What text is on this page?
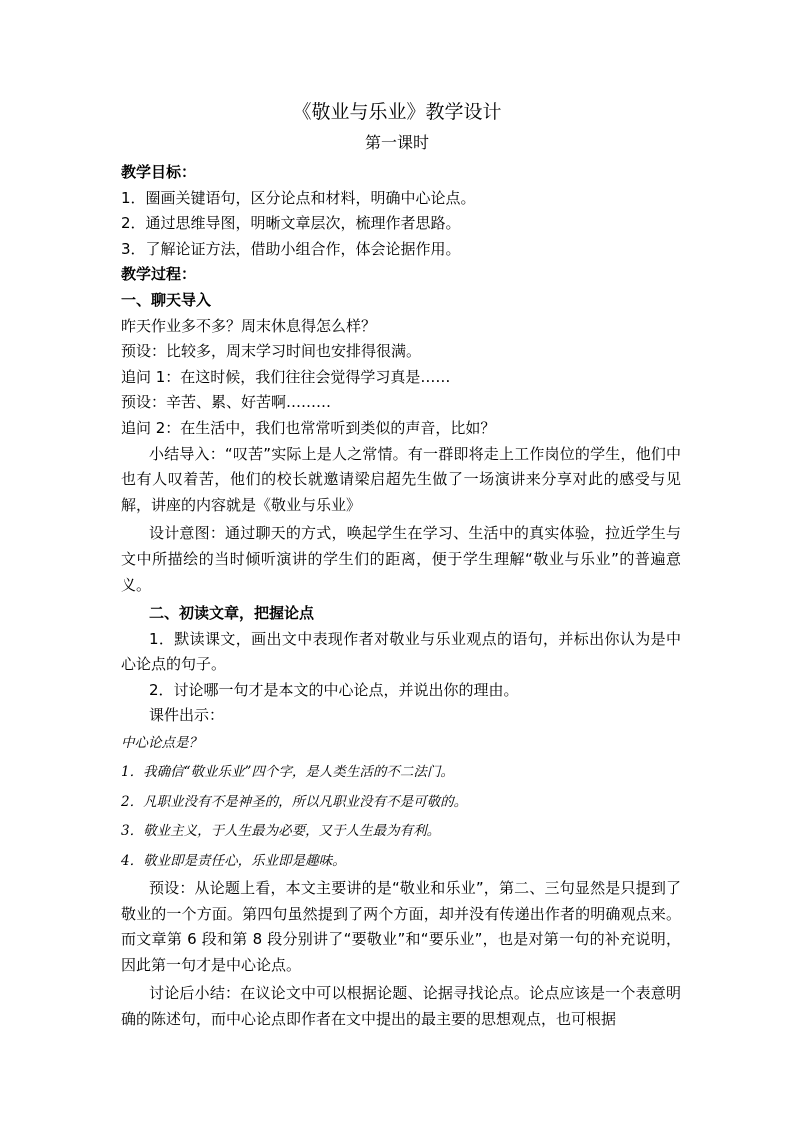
《敬业与乐业》教学设计
第一课时

教学目标：

1．圈画关键语句，区分论点和材料，明确中心论点。

2．通过思维导图，明晰文章层次，梳理作者思路。

3．了解论证方法，借助小组合作，体会论据作用。

教学过程：

一、聊天导入

昨天作业多不多？周末休息得怎么样？

预设：比较多，周末学习时间也安排得很满。

追问 1：在这时候，我们往往会觉得学习真是……

预设：辛苦、累、好苦啊………

追问 2：在生活中，我们也常常听到类似的声音，比如？

小结导入：“叹苦”实际上是人之常情。有一群即将走上工作岗位的学生，他们中也有人叹着苦，他们的校长就邀请梁启超先生做了一场演讲来分享对此的感受与见解，讲座的内容就是《敬业与乐业》

设计意图：通过聊天的方式，唤起学生在学习、生活中的真实体验，拉近学生与文中所描绘的当时倾听演讲的学生们的距离，便于学生理解“敬业与乐业”的普遍意义。

二、初读文章，把握论点

1．默读课文，画出文中表现作者对敬业与乐业观点的语句，并标出你认为是中心论点的句子。

2．讨论哪一句才是本文的中心论点，并说出你的理由。

课件出示：

中心论点是？

1．我确信“敬业乐业”四个字，是人类生活的不二法门。

2．凡职业没有不是神圣的，所以凡职业没有不是可敬的。

3．敬业主义，于人生最为必要，又于人生最为有利。

4．敬业即是责任心，乐业即是趣味。

预设：从论题上看，本文主要讲的是“敬业和乐业”，第二、三句显然是只提到了敬业的一个方面。第四句虽然提到了两个方面，却并没有传递出作者的明确观点来。而文章第 6 段和第 8 段分别讲了“要敬业”和“要乐业”，也是对第一句的补充说明，因此第一句才是中心论点。

讨论后小结：在议论文中可以根据论题、论据寻找论点。论点应该是一个表意明确的陈述句，而中心论点即作者在文中提出的最主要的思想观点，也可根据
